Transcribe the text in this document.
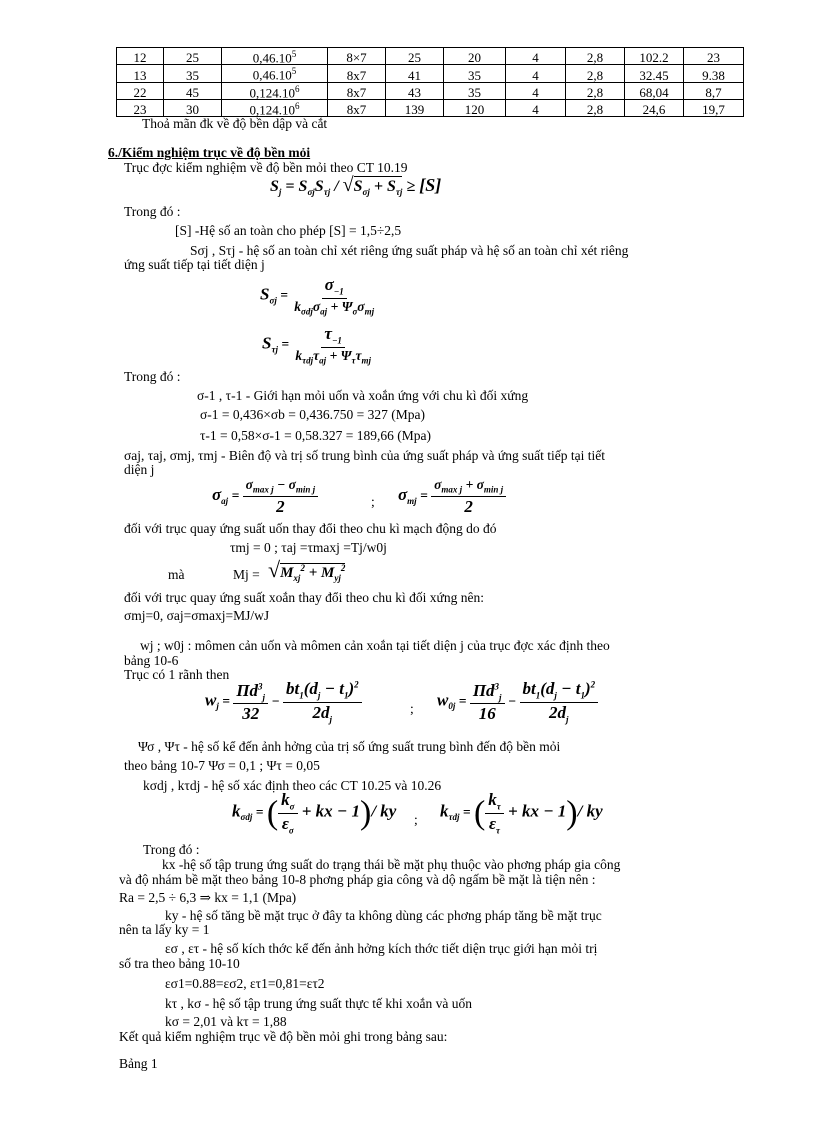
12	25	0,46.10$^5$	8×7	25	20	4	2,8	102.2	23
13	35	0,46.10$^5$	8x7	41	35	4	2,8	32.45	9.38
22	45	0,124.10$^6$	8x7	43	35	4	2,8	68,04	8,7
23	30	0,124.10$^6$	8x7	139	120	4	2,8	24,6	19,7
Thoả mãn đk về độ bền dập và cắt
6./Kiểm nghiệm trục về độ bền mỏi
Trục đợc kiểm nghiệm về độ bền mỏi theo CT 10.19
$S_j = S_{\sigma j}S_{\tau j} / √S_{\sigma j} + S_{\tau j} \ge [S]$
Trong đó :
[S] -Hệ số an toàn cho phép [S] = 1,5÷2,5
Sσj , Sτj - hệ số an toàn chỉ xét riêng ứng suất pháp và hệ số an toàn chỉ xét riêng
ứng suất tiếp tại tiết diện j
$S_{\sigma j} = \frac{\sigma_{-1}}{k_{\sigma dj}\sigma_{aj} + \Psi_\sigma\sigma_{mj}}$
$S_{\tau j} = \frac{\tau_{-1}}{k_{\tau dj}\tau_{aj} + \Psi_\tau\tau_{mj}}$
Trong đó :
σ-1 , τ-1 - Giới hạn mỏi uốn và xoắn ứng với chu kì đối xứng
σ-1 = 0,436×σb = 0,436.750 = 327 (Mpa)
τ-1 = 0,58×σ-1 = 0,58.327 = 189,66 (Mpa)
σaj, τaj, σmj, τmj - Biên độ và trị số trung bình của ứng suất pháp và ứng suất tiếp tại tiết
diện j
$\sigma_{aj} = \frac{\sigma_{max j} - \sigma_{min j}}{2}$	; $\sigma_{mj} = \frac{\sigma_{max j} + \sigma_{min j}}{2}$
đối với trục quay ứng suất uốn thay đổi theo chu kì mạch động do đó
τmj = 0 ; τaj =τmaxj =Tj/w0j
mà	$Mj = √M_{xj}^2 + M_{yj}^2$
đối với trục quay ứng suất xoắn thay đổi theo chu kì đối xứng nên:
σmj=0, σaj=σmaxj=MJ/wJ
wj ; w0j : mômen cản uốn và mômen cản xoắn tại tiết diện j của trục đợc xác định theo
bảng 10-6
Trục có 1 rãnh then
$w_j = \frac{\Pi d^3_j}{32} - \frac{bt_1(d_j - t_1)^2}{2d_j}$	; $w_{0j} = \frac{\Pi d^3_j}{16} - \frac{bt_1(d_j - t_1)^2}{2d_j}$
Ψσ , Ψτ - hệ số kể đến ảnh hởng của trị số ứng suất trung bình đến độ bền mỏi
theo bảng 10-7 Ψσ = 0,1 ; Ψτ = 0,05
kσdj , kτdj - hệ số xác định theo các CT 10.25 và 10.26
$k_{\sigma dj}$ = ( $\frac{k_\sigma}{\varepsilon_\sigma}$ + kx − 1)/ ky ; $k_{\tau dj}$ = ( $\frac{k_\tau}{\varepsilon_\tau}$ + kx − 1)/ ky
Trong đó :
kx -hệ số tập trung ứng suất do trạng thái bề mặt phụ thuộc vào phơng pháp gia công
và độ nhám bề mặt theo bảng 10-8 phơng pháp gia công và dộ ngấm bề mặt là tiện nên :
Ra = 2,5 ÷ 6,3 ⇒ kx = 1,1 (Mpa)
ky - hệ số tăng bề mặt trục ở đây ta không dùng các phơng pháp tăng bề mặt trục
nên ta lấy ky = 1
εσ , ετ - hệ số kích thớc kể đến ảnh hởng kích thớc tiết diện trục giới hạn mỏi trị
số tra theo bảng 10-10
εσ1=0.88=εσ2, ετ1=0,81=ετ2
kτ , kσ - hệ số tập trung ứng suất thực tế khi xoắn và uốn
kσ = 2,01 và kτ = 1,88
Kết quả kiểm nghiệm trục về độ bền mỏi ghi trong bảng sau:
Bảng 1
